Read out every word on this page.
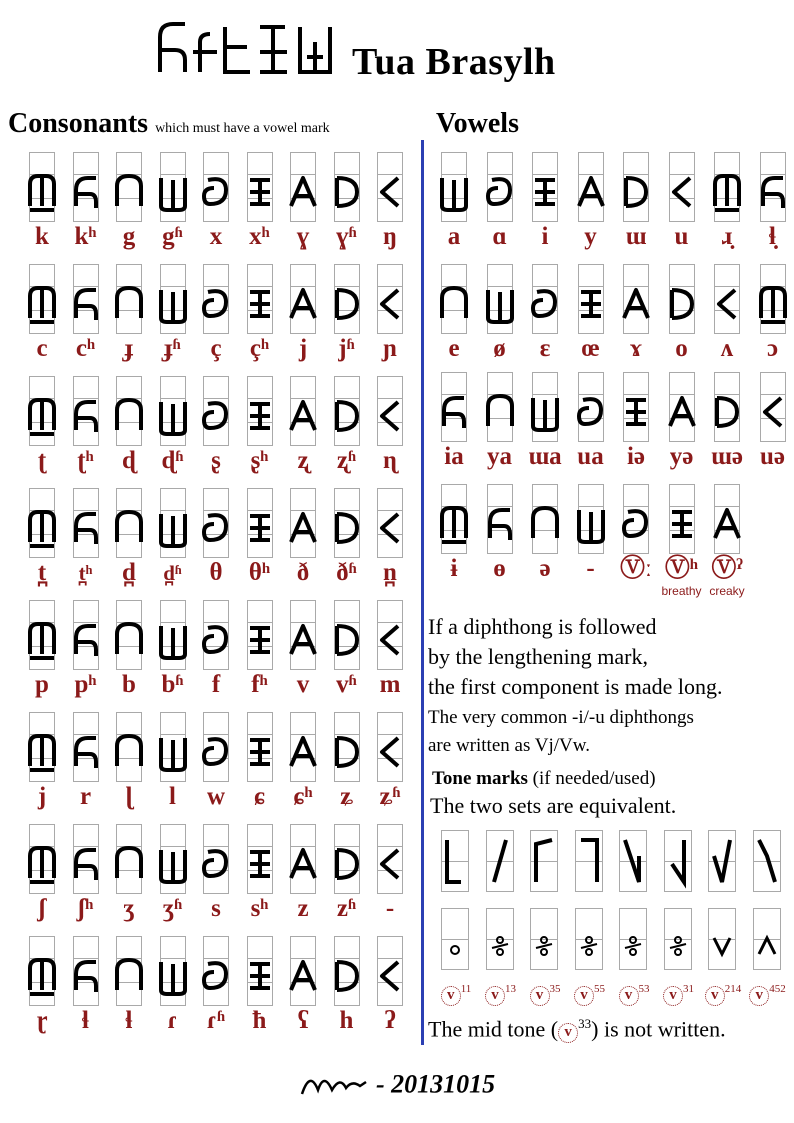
Tua Brasylh
Consonants which must have a vowel mark	Vowels
k	kʰ	g	gʱ	x	xʰ	ɣ	ɣʱ	ŋ
c	cʰ	ɟ	ɟʱ	ç	çʰ	j	jʱ	ɲ
ʈ	ʈʰ	ɖ	ɖʱ	ʂ	ʂʰ	ʐ	ʐʱ	ɳ
t̪	t̪ʰ	d̪	d̪ʱ	θ	θʰ	ð	ðʱ	n̪
p	pʰ	b	bʱ	f	fʰ	v	vʱ m
j	r	ɭ	l	w	ɕ	ɕʰ	ʑ	ʑʱ
ʃ	ʃʰ	ʒ	ʒʱ	s	sʰ	z	zʱ	-
ɽ	ɬ	ɬ	ɾ	ɾʱ	ħ	ʕ	h	ʔ
a	ɑ	i	y	ɯ	u	ɹ̣	ɬ̣
e	ø	ɛ	œ	ɤ	o	ʌ	ɔ
ia ya ɯa ua iə yə ɯə uə
ɨ	ɵ	ə	-	Ⓥː Ⓥʰ
breathy
Ⓥˀ
creaky
If a diphthong is followed
by the lengthening mark,
the first component is made long.
The very common -i/-u diphthongs
are written as Vj/Vw.
Tone marks (if needed/used)
The two sets are equivalent.
v $^{11}$	v $^{13}$	v $^{35}$	v $^{55}$	v $^{53}$	v $^{31}$	v $^{214}$ v $^{452}$
The mid tone ( $v^{33}$) is not written.
- 20131015
